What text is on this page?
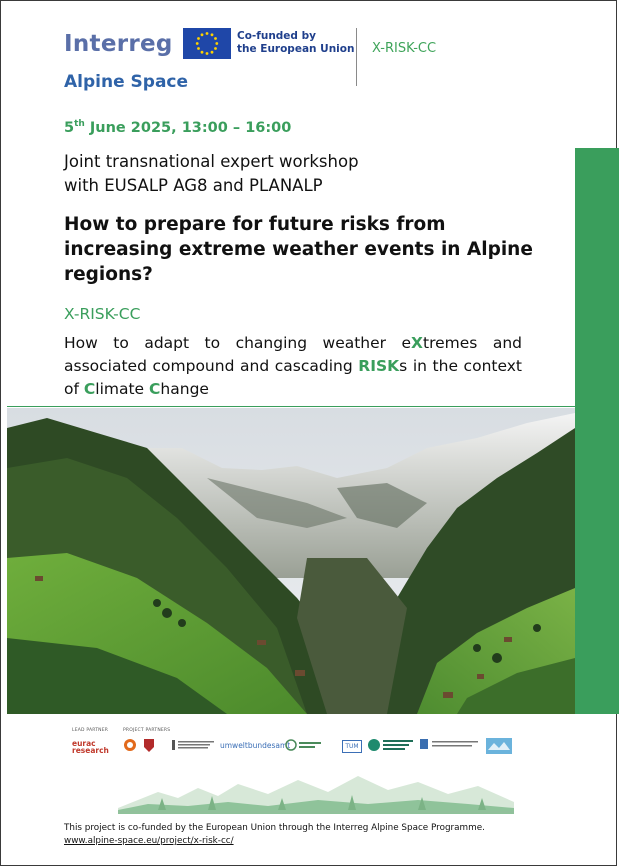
Interreg
Alpine Space
Co-funded by
the European Union X-RISK-CC
5th June 2025, 13:00 – 16:00
Joint transnational expert workshop
with EUSALP AG8 and PLANALP
How to prepare for future risks from increasing extreme weather events in Alpine regions?
X-RISK-CC
How to adapt to changing weather eXtremes and associated compound and cascading RISKs in the context of Climate Change
LEAD PARTNER	PROJECT PARTNERS
eurac
research
umweltbundesamt	TUM
This project is co-funded by the European Union through the Interreg Alpine Space Programme.
www.alpine-space.eu/project/x-risk-cc/
